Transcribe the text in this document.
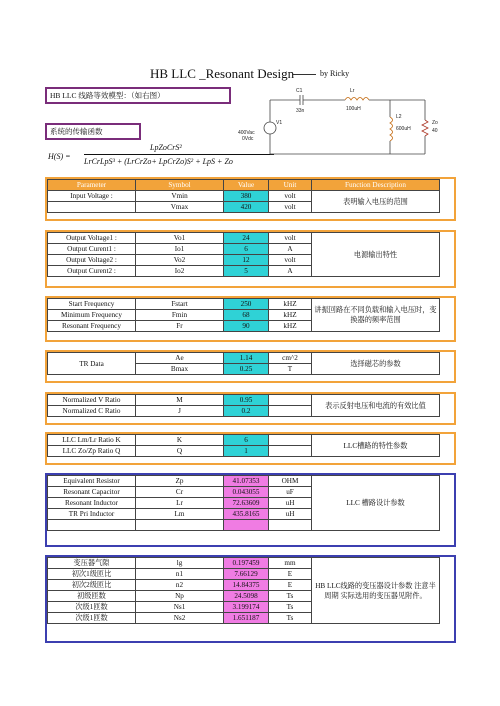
HB LLC _Resonant Design	by Ricky
HB LLC 线路等效模型：（如右图）
系统的传输函数
H(S) =
LpZoCrS²
LrCrLpS³ + (LrCrZo+ LpCrZo)S² + LpS + Zo
C1
33n
Lr
100uH
V1
400Vac
0Vdc
L2
600uH
Zo
40
Parameter	Symbol	Value	Unit	Function Description
Input Voltage :	Vmin	380	volt	表明输入电压的范围
	Vmax	420	volt	
Output Voltage1 :	Vo1	24	volt	电源输出特性
Output Curent1 :	Io1	6	A	
Output Voltage2 :	Vo2	12	volt	
Output Curent2 :	Io2	5	A	
Start Frequency	Fstart	250	kHZ	讲振回路在不同负载和输入电压时，变换器的频率范围
Minimum Frequency	Fmin	68	kHZ	
Resonant Frequency	Fr	90	kHZ	
TR Data	Ae	1.14	cm^2	选择磁芯的参数
	Bmax	0.25	T	
Normalized V Ratio	M	0.95		表示反射电压和电流的有效比值
Normalized C Ratio	J	0.2		
LLC Lm/Lr Ratio K	K	6		LLC槽路的特性参数
LLC Zo/Zp Ratio Q	Q	1		
Equivalent Resistor	Zp	41.07353	OHM	LLC 槽路设计参数
Resonant Capacitor	Cr	0.043055	uF	
Resonant Inductor	Lr	72.63609	uH	
TR Pri Inductor	Lm	435.8165	uH	

变压器气隙	lg	0.197459	mm	HB LLC线路的变压器设计参数 注意半周期 实际选用的变压器见附件。
初次1级匝比	n1	7.66129	E	
初次2级匝比	n2	14.84375	E	
初级匝数	Np	24.5098	Ts	
次级1匝数	Ns1	3.199174	Ts	
次级1匝数	Ns2	1.651187	Ts	
